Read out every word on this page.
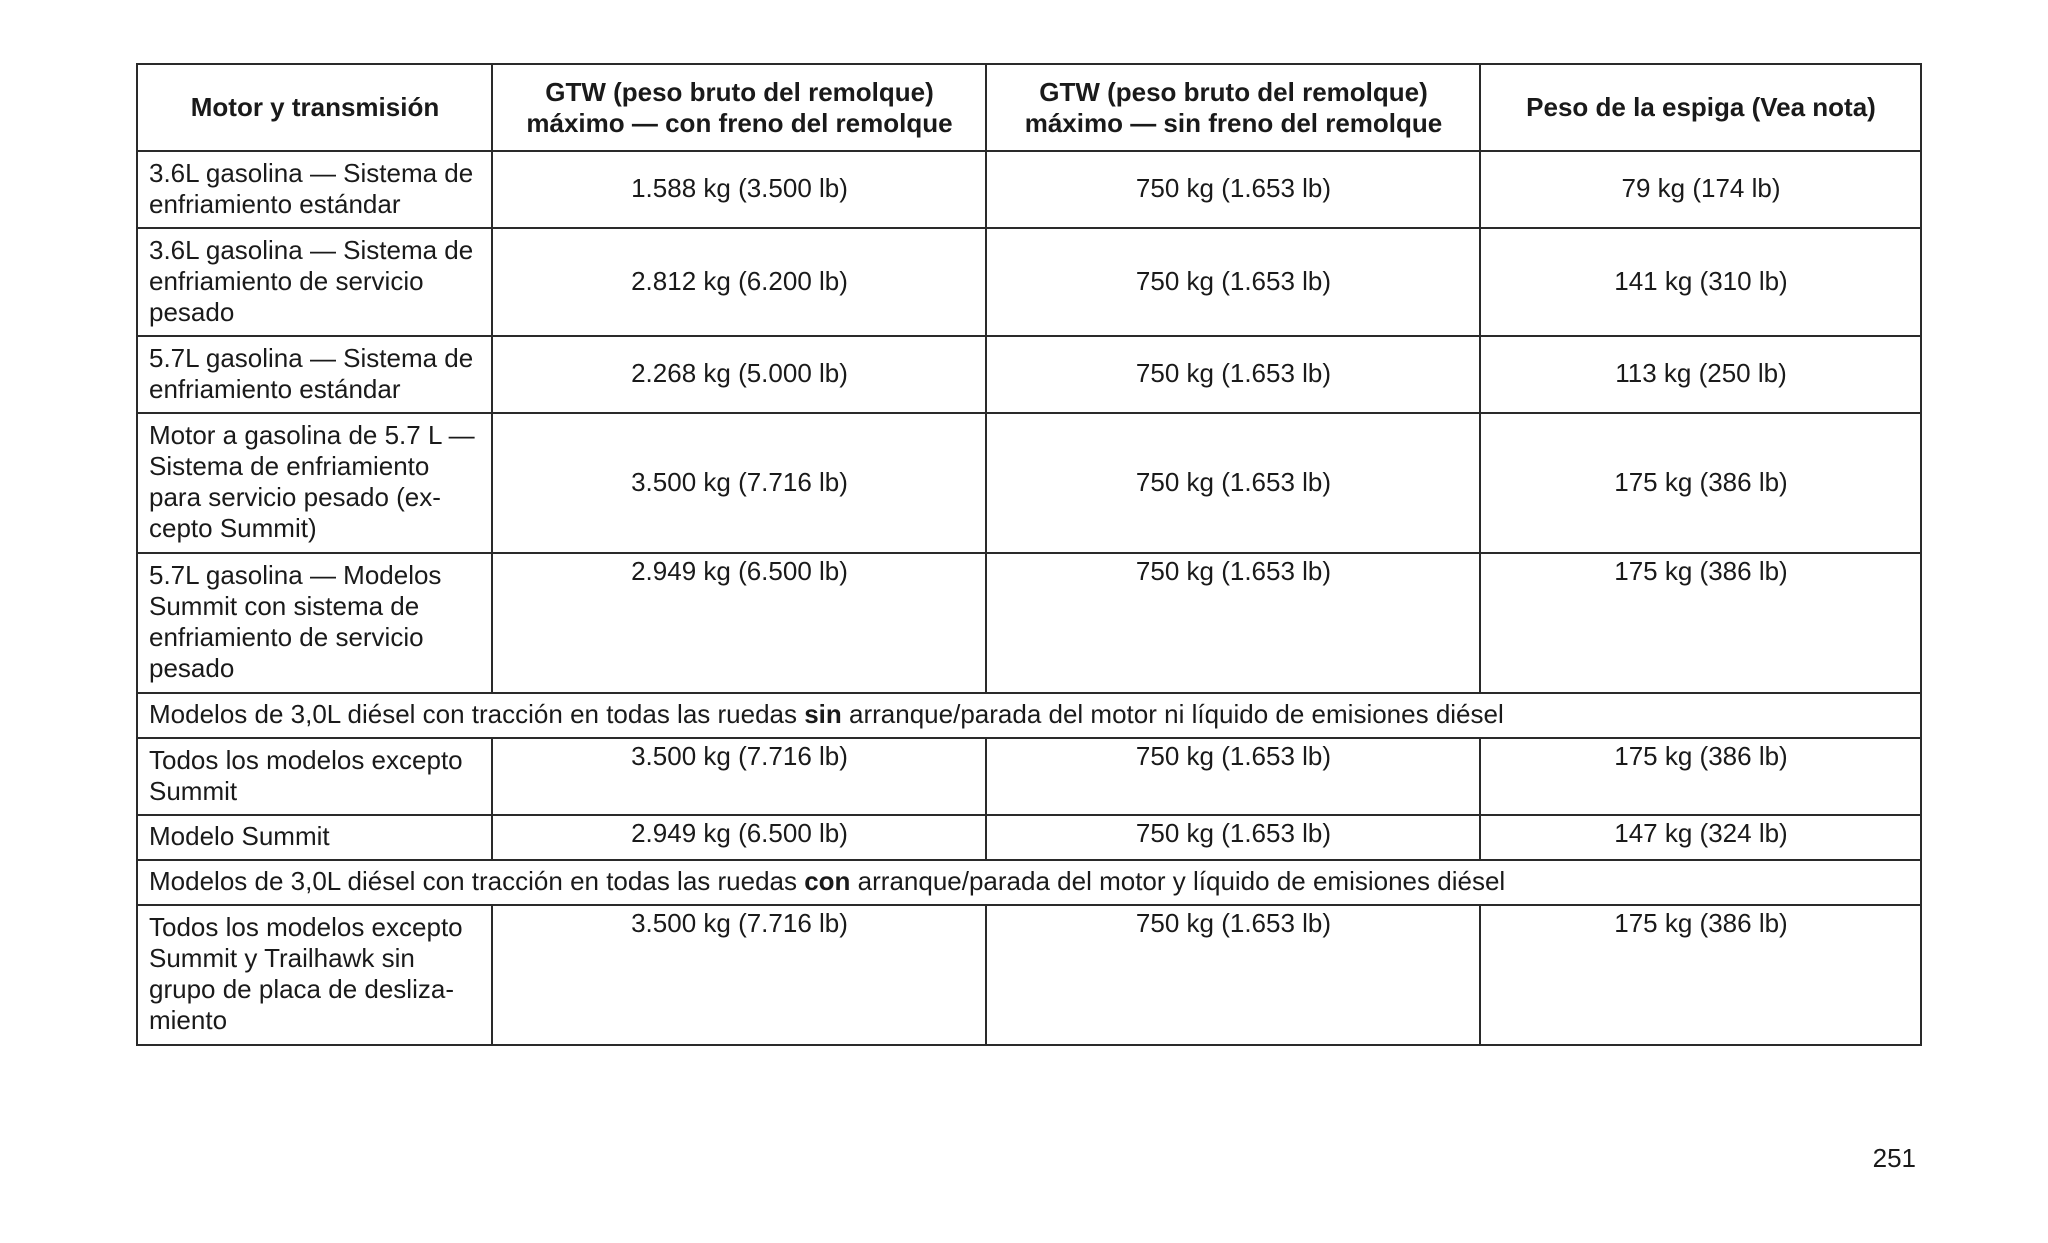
Motor y transmisión	GTW (peso bruto del remolque) máximo — con freno del remolque	GTW (peso bruto del remolque) máximo — sin freno del remolque	Peso de la espiga (Vea nota)
3.6L gasolina — Sistema de enfriamiento estándar	1.588 kg (3.500 lb)	750 kg (1.653 lb)	79 kg (174 lb)
3.6L gasolina — Sistema de enfriamiento de servicio pesado	2.812 kg (6.200 lb)	750 kg (1.653 lb)	141 kg (310 lb)
5.7L gasolina — Sistema de enfriamiento estándar	2.268 kg (5.000 lb)	750 kg (1.653 lb)	113 kg (250 lb)
Motor a gasolina de 5.7 L — Sistema de enfriamiento para servicio pesado (ex- cepto Summit)	3.500 kg (7.716 lb)	750 kg (1.653 lb)	175 kg (386 lb)
5.7L gasolina — Modelos Summit con sistema de enfriamiento de servicio pesado	2.949 kg (6.500 lb)	750 kg (1.653 lb)	175 kg (386 lb)
Modelos de 3,0L diésel con tracción en todas las ruedas sin arranque/parada del motor ni líquido de emisiones diésel			
Todos los modelos excepto Summit	3.500 kg (7.716 lb)	750 kg (1.653 lb)	175 kg (386 lb)
Modelo Summit	2.949 kg (6.500 lb)	750 kg (1.653 lb)	147 kg (324 lb)
Modelos de 3,0L diésel con tracción en todas las ruedas con arranque/parada del motor y líquido de emisiones diésel			
Todos los modelos excepto Summit y Trailhawk sin grupo de placa de desliza- miento	3.500 kg (7.716 lb)	750 kg (1.653 lb)	175 kg (386 lb)
251
